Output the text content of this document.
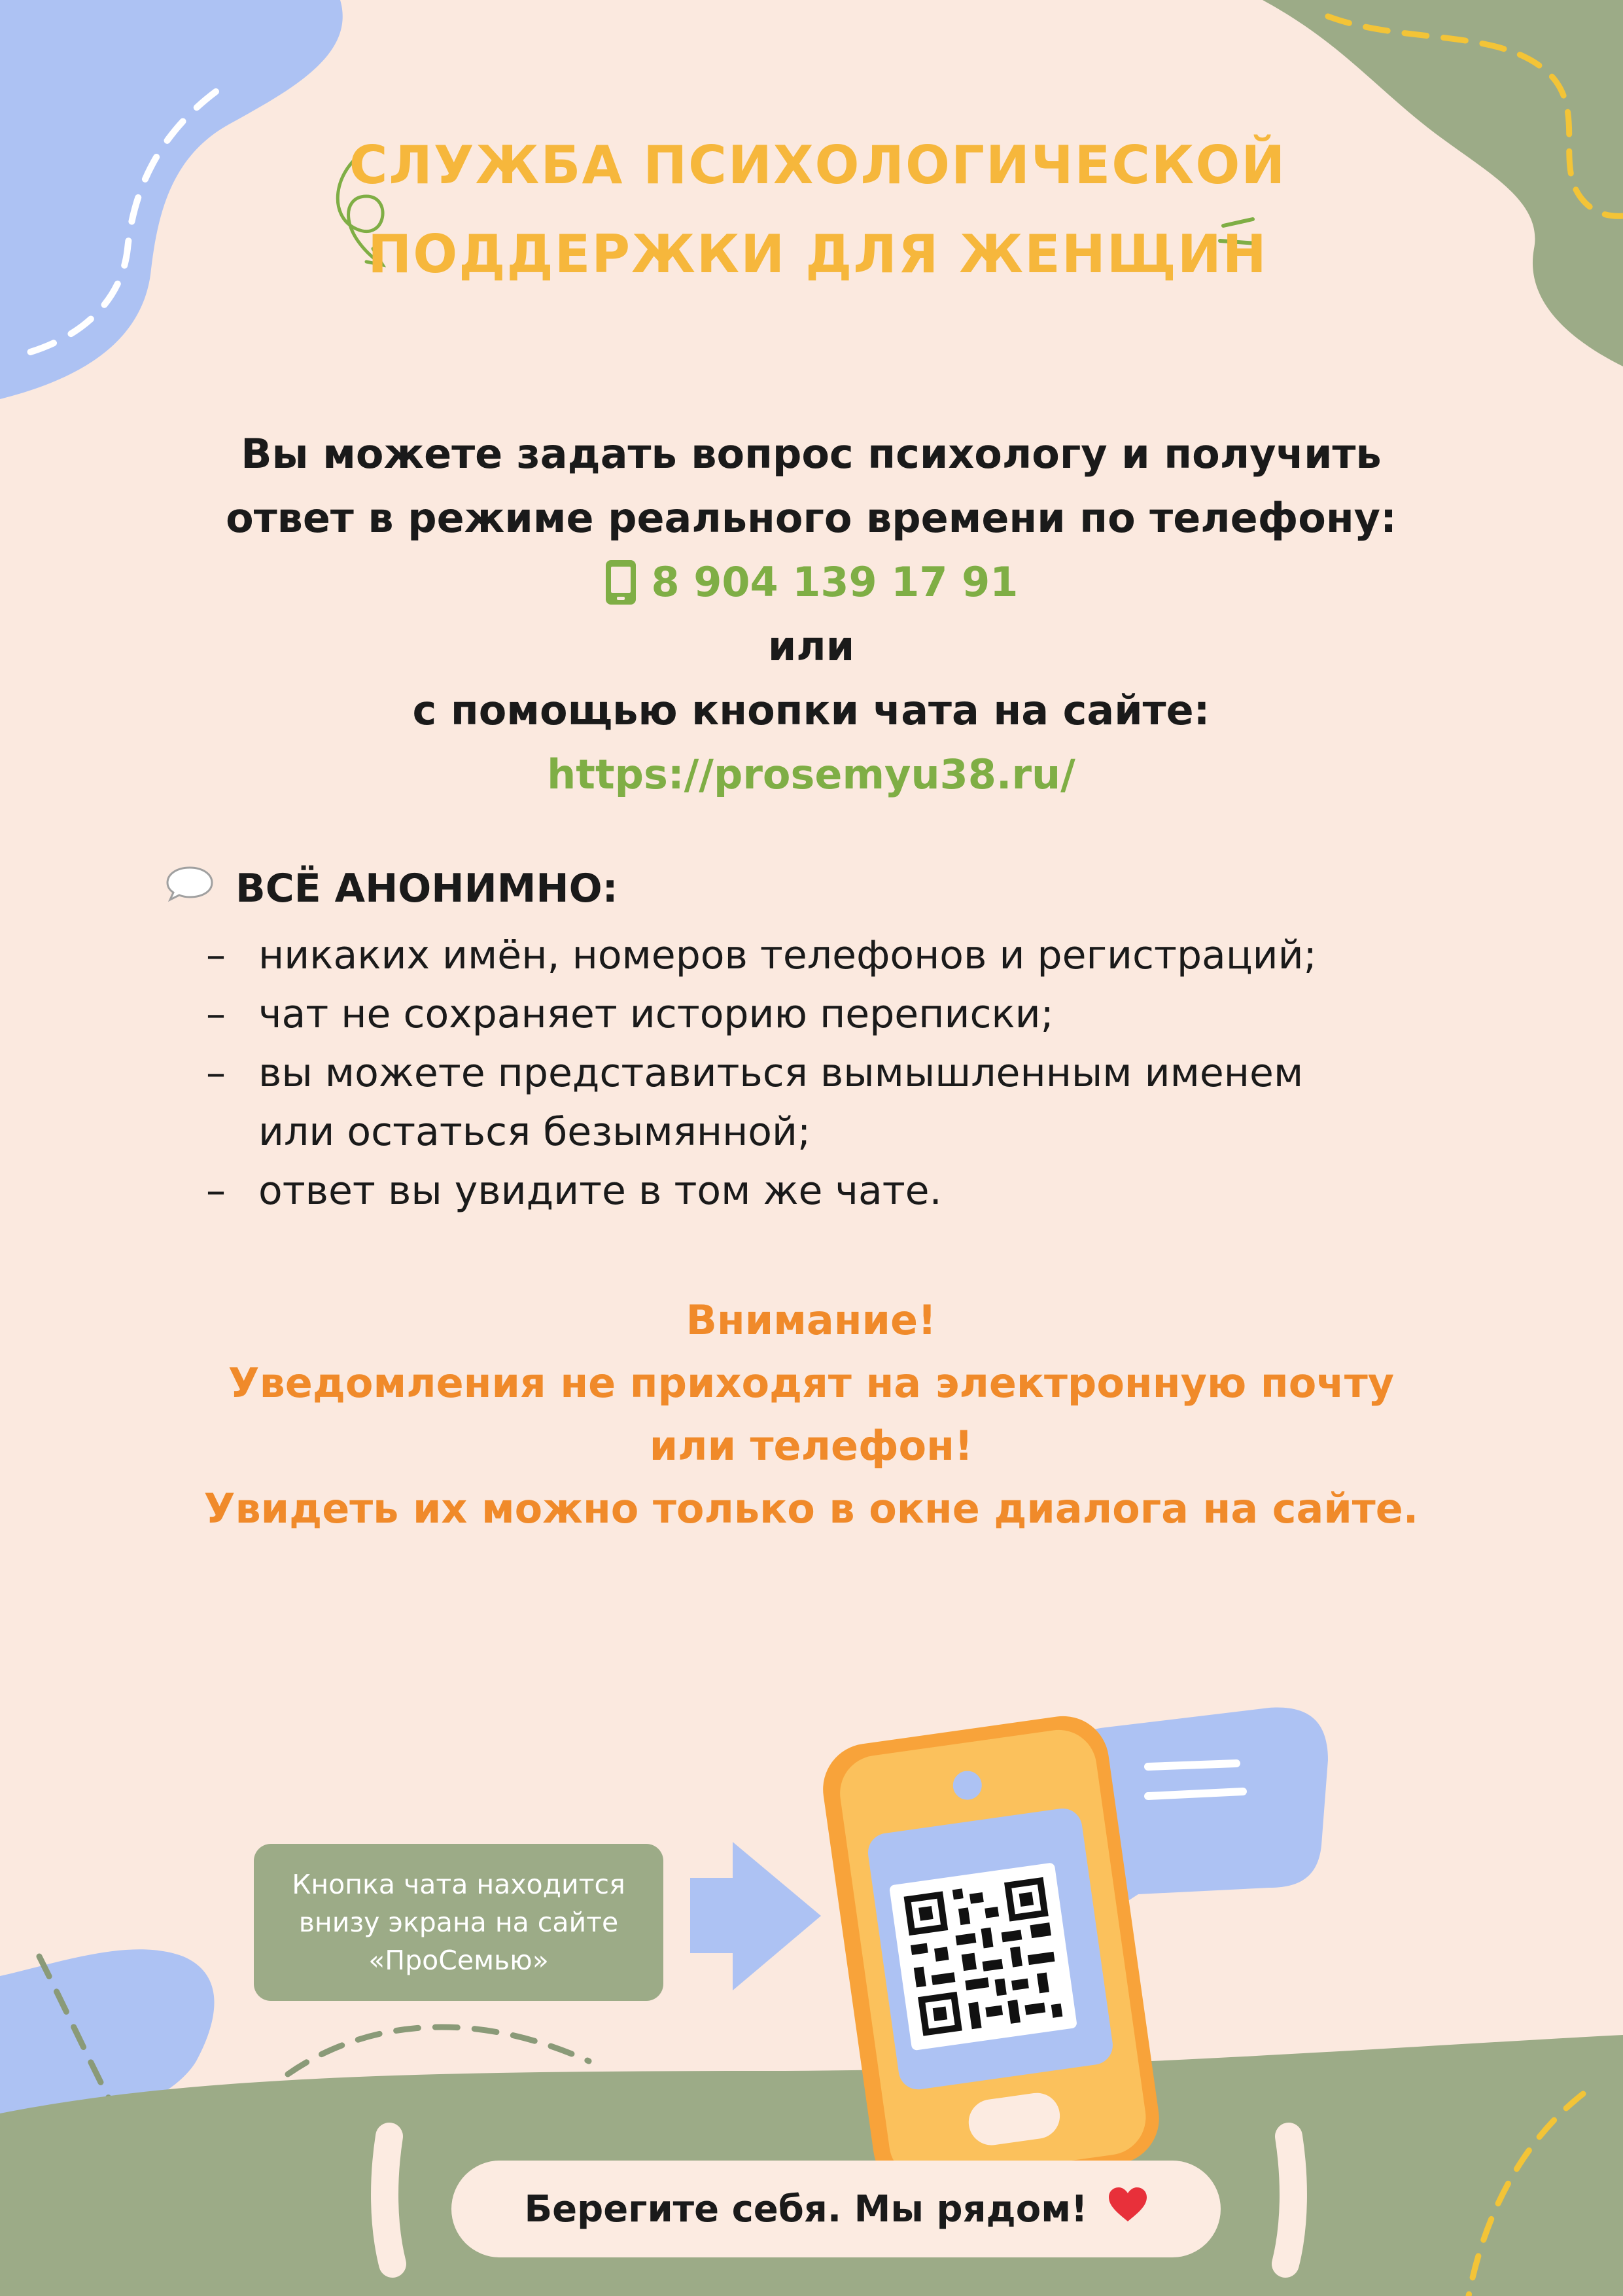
СЛУЖБА ПСИХОЛОГИЧЕСКОЙ
ПОДДЕРЖКИ ДЛЯ ЖЕНЩИН
Вы можете задать вопрос психологу и получить
ответ в режиме реального времени по телефону:
8 904 139 17 91
или
с помощью кнопки чата на сайте:
https://prosemyu38.ru/
ВСЁ АНОНИМНО:
– никаких имён, номеров телефонов и регистраций;
– чат не сохраняет историю переписки;
– вы можете представиться вымышленным именем
или остаться безымянной;
– ответ вы увидите в том же чате.
Внимание!
Уведомления не приходят на электронную почту
или телефон!
Увидеть их можно только в окне диалога на сайте.
Кнопка чата находится
внизу экрана на сайте
«ПроСемью»
Берегите себя. Мы рядом!
